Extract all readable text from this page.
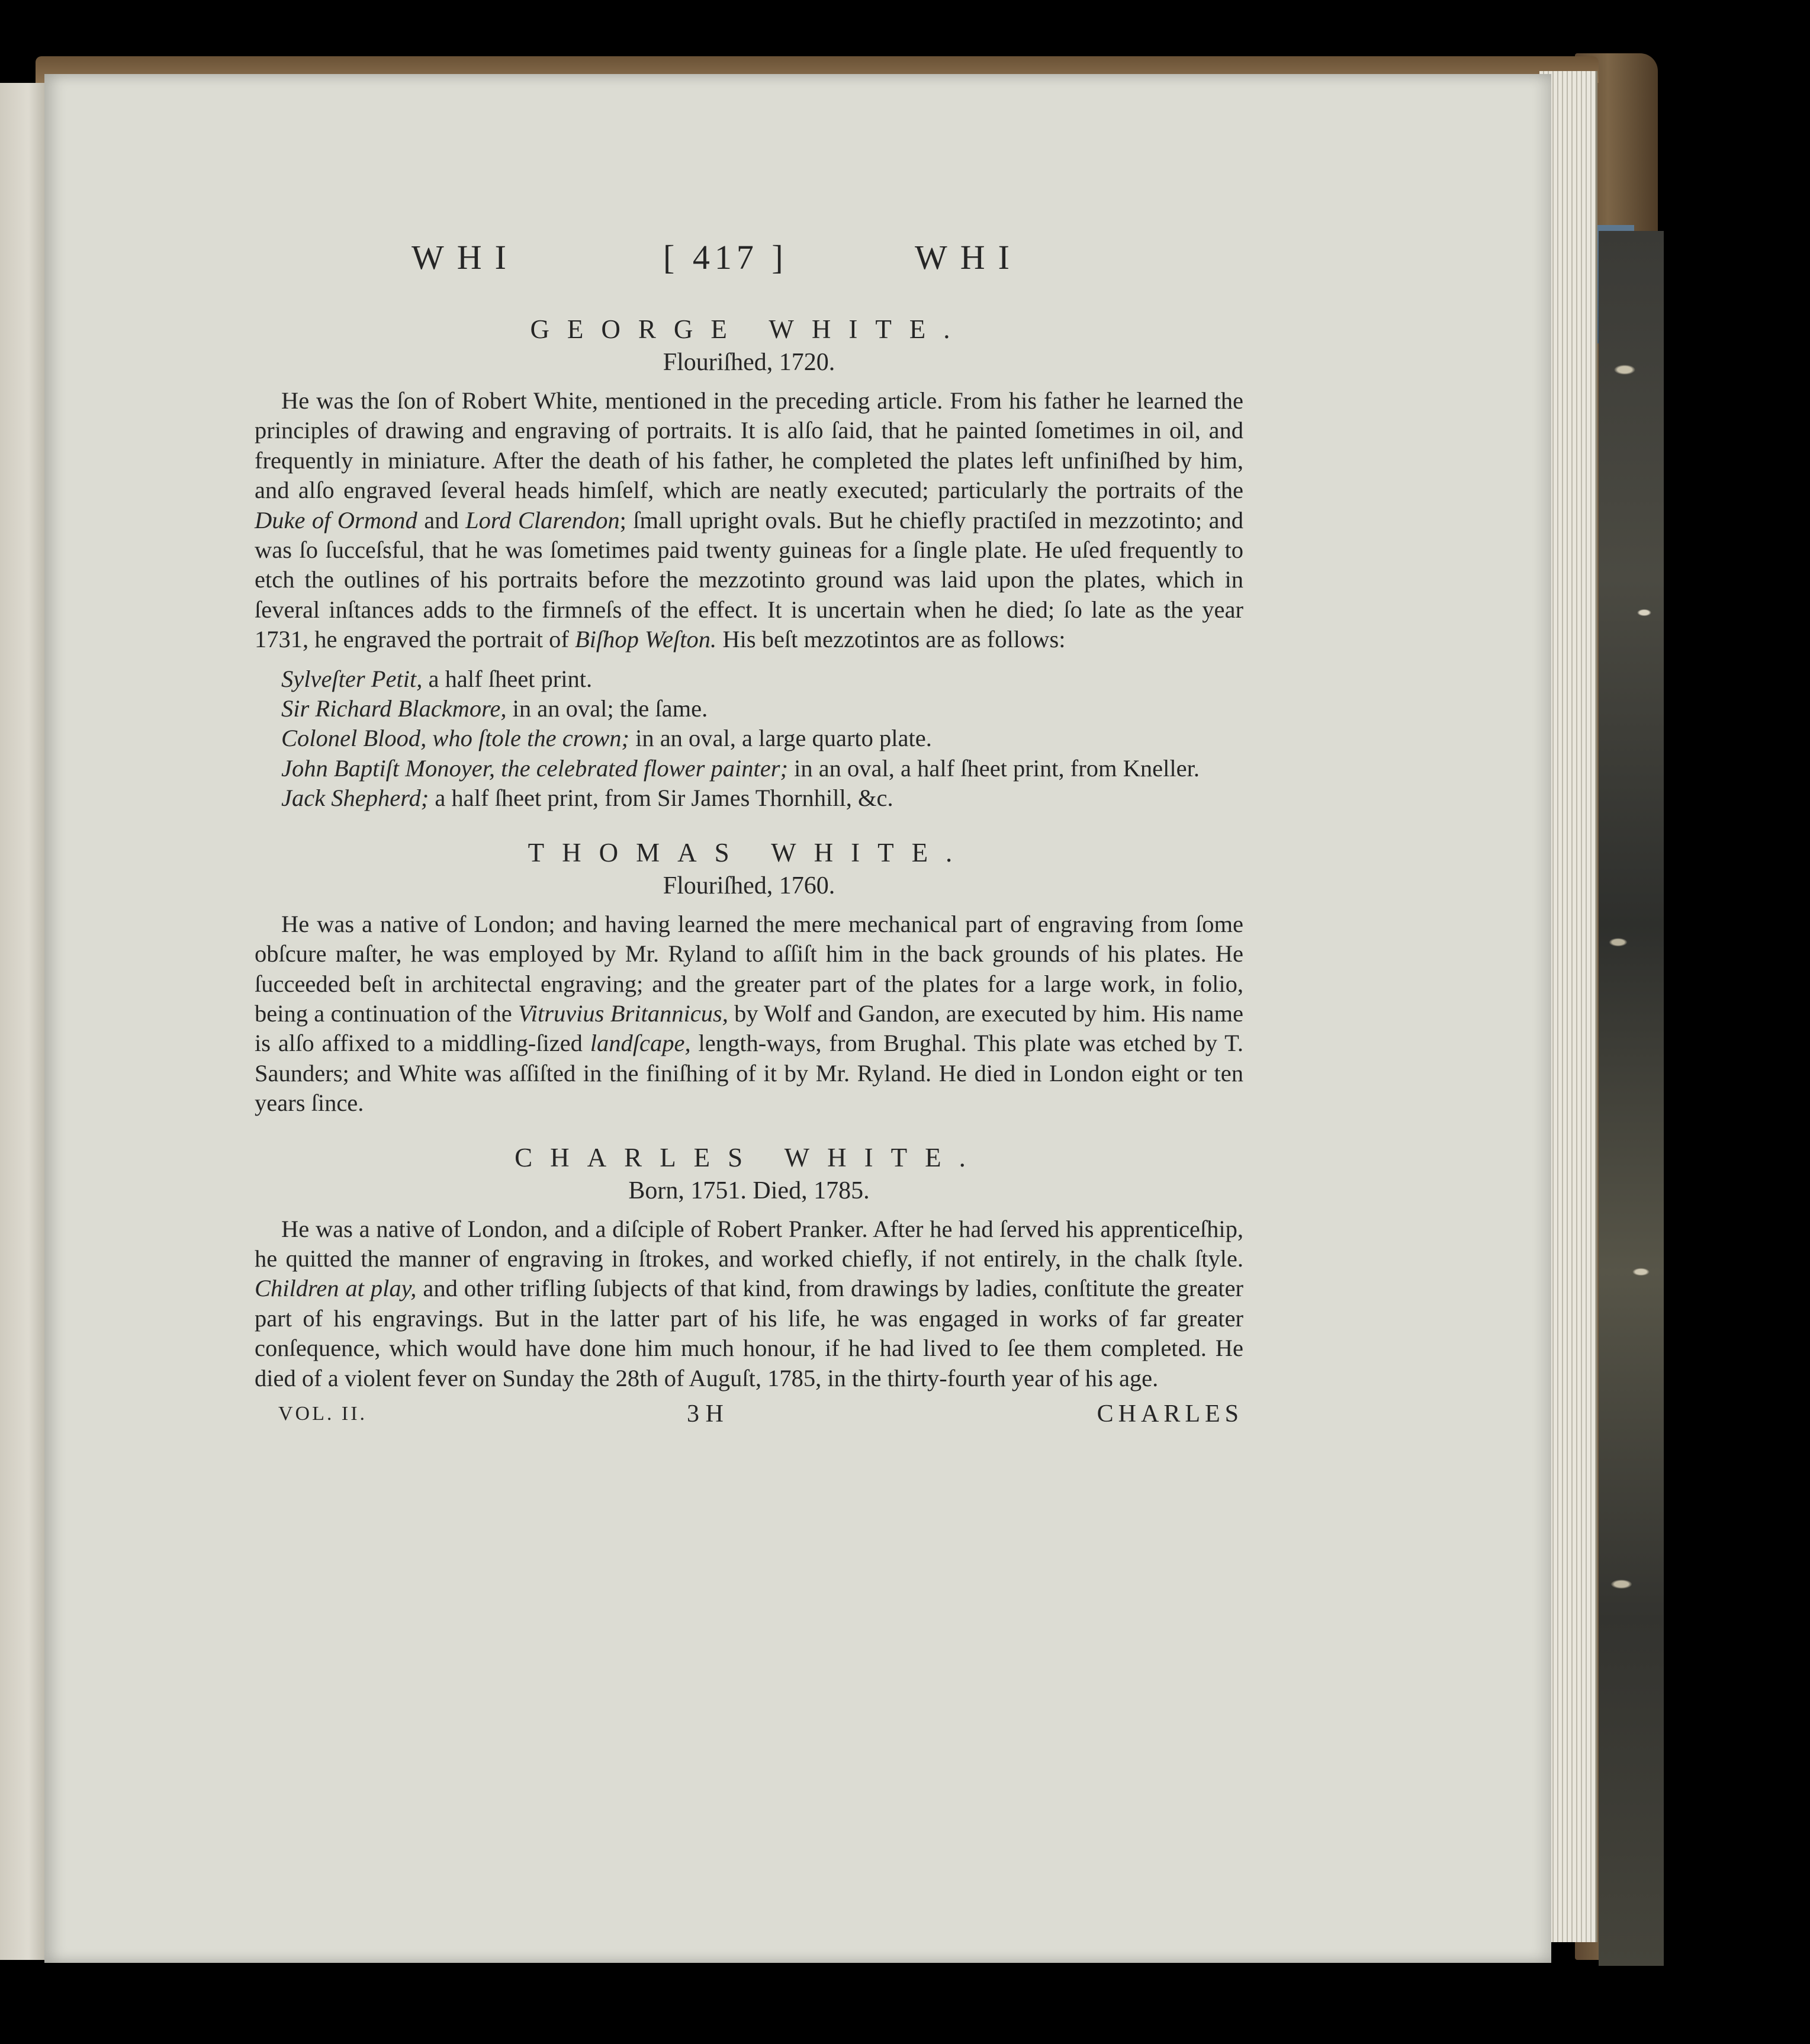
WHI	[ 417 ]	WHI
GEORGE WHITE.
Flouriſhed, 1720.

He was the ſon of Robert White, mentioned in the preceding article. From his father he learned the principles of drawing and engraving of portraits. It is alſo ſaid, that he painted ſometimes in oil, and frequently in miniature. After the death of his father, he completed the plates left unfiniſhed by him, and alſo engraved ſeveral heads himſelf, which are neatly executed; particularly the portraits of the Duke of Ormond and Lord Clarendon; ſmall upright ovals. But he chiefly practiſed in mezzotinto; and was ſo ſucceſsful, that he was ſometimes paid twenty guineas for a ſingle plate. He uſed frequently to etch the outlines of his portraits before the mezzotinto ground was laid upon the plates, which in ſeveral inſtances adds to the firmneſs of the effect. It is uncertain when he died; ſo late as the year 1731, he engraved the portrait of Biſhop Weſton. His beſt mezzotintos are as follows:

Sylveſter Petit, a half ſheet print.
Sir Richard Blackmore, in an oval; the ſame.
Colonel Blood, who ſtole the crown; in an oval, a large quarto plate.
John Baptiſt Monoyer, the celebrated flower painter; in an oval, a half ſheet print, from Kneller.
Jack Shepherd; a half ſheet print, from Sir James Thornhill, &c.
THOMAS WHITE.
Flouriſhed, 1760.

He was a native of London; and having learned the mere mechanical part of engraving from ſome obſcure maſter, he was employed by Mr. Ryland to aſſiſt him in the back grounds of his plates. He ſucceeded beſt in architectal engraving; and the greater part of the plates for a large work, in folio, being a continuation of the Vitruvius Britannicus, by Wolf and Gandon, are executed by him. His name is alſo affixed to a middling-ſized landſcape, length-ways, from Brughal. This plate was etched by T. Saunders; and White was aſſiſted in the finiſhing of it by Mr. Ryland. He died in London eight or ten years ſince.

CHARLES WHITE.
Born, 1751. Died, 1785.

He was a native of London, and a diſciple of Robert Pranker. After he had ſerved his apprenticeſhip, he quitted the manner of engraving in ſtrokes, and worked chiefly, if not entirely, in the chalk ſtyle. Children at play, and other trifling ſubjects of that kind, from drawings by ladies, conſtitute the greater part of his engravings. But in the latter part of his life, he was engaged in works of far greater conſequence, which would have done him much honour, if he had lived to ſee them completed. He died of a violent fever on Sunday the 28th of Auguſt, 1785, in the thirty-fourth year of his age.

VOL. II.	3 H	CHARLES
